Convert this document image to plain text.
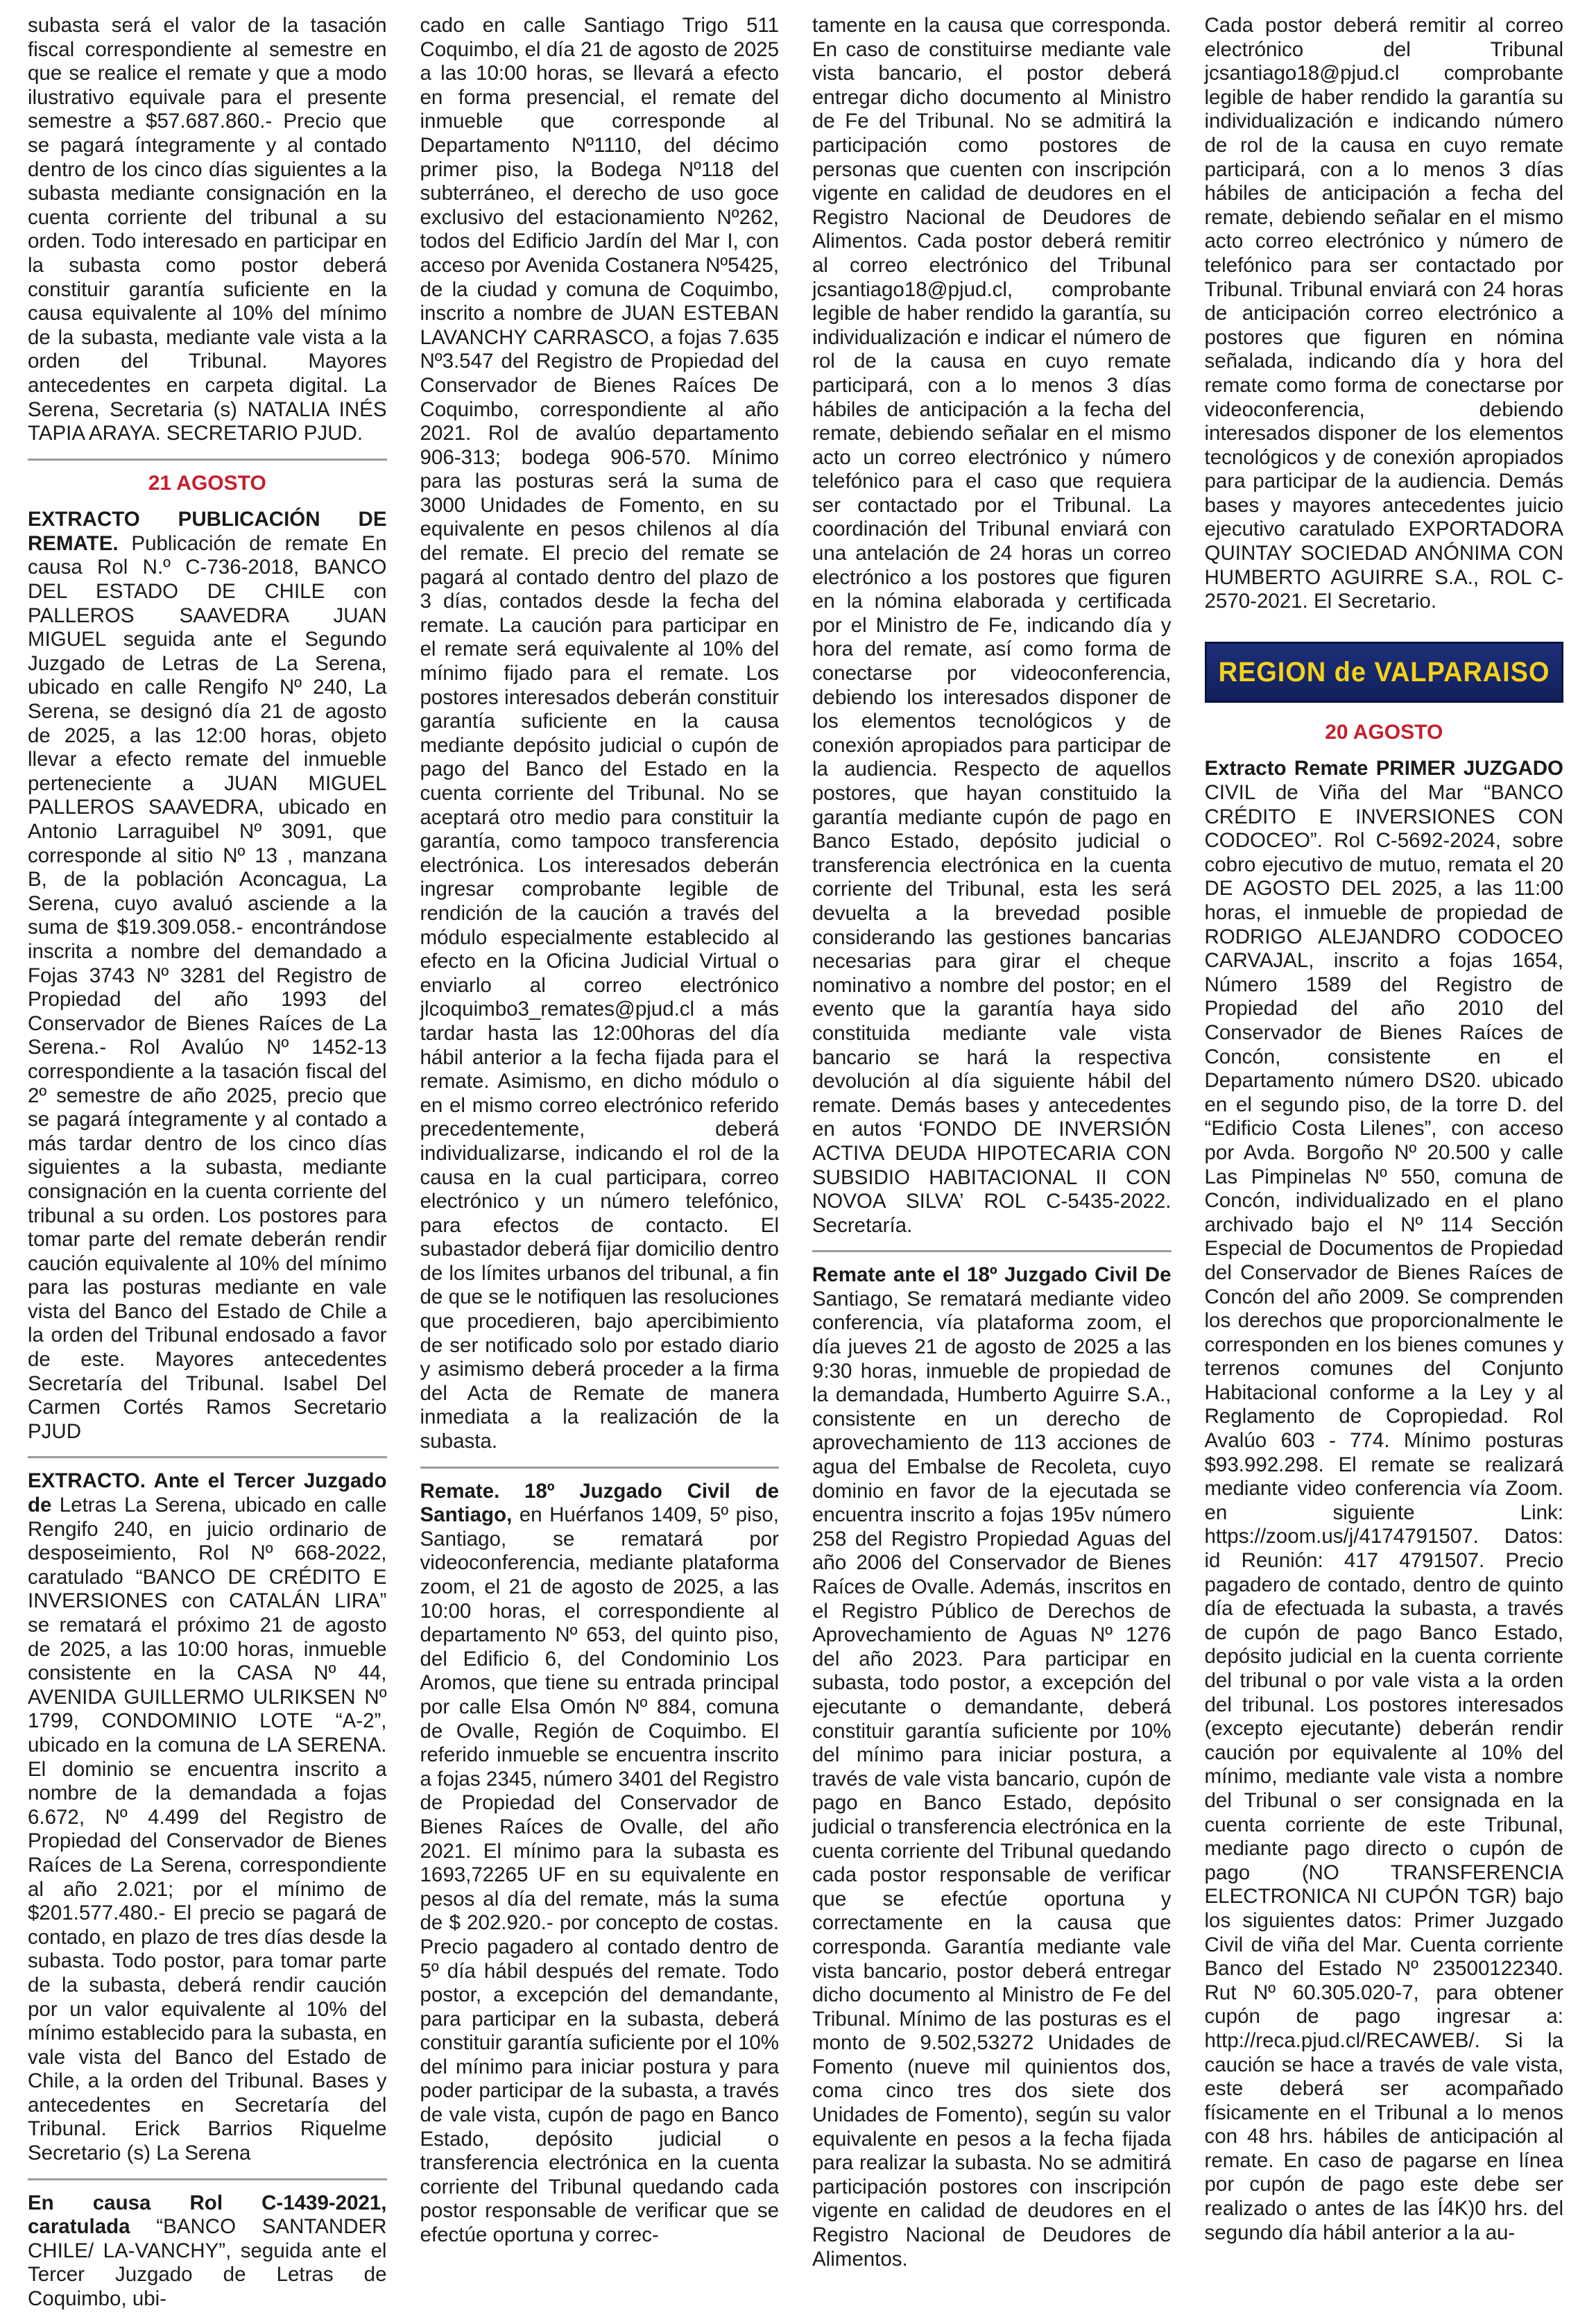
subasta será el valor de la tasación fiscal correspondiente al semestre en que se realice el remate y que a modo ilustrativo equivale para el presente semestre a $57.687.860.- Precio que se pagará íntegramente y al contado dentro de los cinco días siguientes a la subasta mediante consignación en la cuenta corriente del tribunal a su orden. Todo interesado en participar en la subasta como postor deberá constituir garantía suficiente en la causa equivalente al 10% del mínimo de la subasta, mediante vale vista a la orden del Tribunal. Mayores antecedentes en carpeta digital. La Serena, Secretaria (s) NATALIA INÉS TAPIA ARAYA. SECRETARIO PJUD.

21 AGOSTO

EXTRACTO PUBLICACIÓN DE REMATE. Publicación de remate En causa Rol N.º C-736-2018, BANCO DEL ESTADO DE CHILE con PALLEROS SAAVEDRA JUAN MIGUEL seguida ante el Segundo Juzgado de Letras de La Serena, ubicado en calle Rengifo Nº 240, La Serena, se designó día 21 de agosto de 2025, a las 12:00 horas, objeto llevar a efecto remate del inmueble perteneciente a JUAN MIGUEL PALLEROS SAAVEDRA, ubicado en Antonio Larraguibel Nº 3091, que corresponde al sitio Nº 13 , manzana B, de la población Aconcagua, La Serena, cuyo avaluó asciende a la suma de $19.309.058.- encontrándose inscrita a nombre del demandado a Fojas 3743 Nº 3281 del Registro de Propiedad del año 1993 del Conservador de Bienes Raíces de La Serena.- Rol Avalúo Nº 1452-13 correspondiente a la tasación fiscal del 2º semestre de año 2025, precio que se pagará íntegramente y al contado a más tardar dentro de los cinco días siguientes a la subasta, mediante consignación en la cuenta corriente del tribunal a su orden. Los postores para tomar parte del remate deberán rendir caución equivalente al 10% del mínimo para las posturas mediante en vale vista del Banco del Estado de Chile a la orden del Tribunal endosado a favor de este. Mayores antecedentes Secretaría del Tribunal. Isabel Del Carmen Cortés Ramos Secretario PJUD

EXTRACTO. Ante el Tercer Juzgado de Letras La Serena, ubicado en calle Rengifo 240, en juicio ordinario de desposeimiento, Rol Nº 668-2022, caratulado “BANCO DE CRÉDITO E INVERSIONES con CATALÁN LIRA” se rematará el próximo 21 de agosto de 2025, a las 10:00 horas, inmueble consistente en la CASA Nº 44, AVENIDA GUILLERMO ULRIKSEN Nº 1799, CONDOMINIO LOTE “A-2”, ubicado en la comuna de LA SERENA. El dominio se encuentra inscrito a nombre de la demandada a fojas 6.672, Nº 4.499 del Registro de Propiedad del Conservador de Bienes Raíces de La Serena, correspondiente al año 2.021; por el mínimo de $201.577.480.- El precio se pagará de contado, en plazo de tres días desde la subasta. Todo postor, para tomar parte de la subasta, deberá rendir caución por un valor equivalente al 10% del mínimo establecido para la subasta, en vale vista del Banco del Estado de Chile, a la orden del Tribunal. Bases y antecedentes en Secretaría del Tribunal. Erick Barrios Riquelme Secretario (s) La Serena

En causa Rol C-1439-2021, caratulada “BANCO SANTANDER CHILE/ LA-VANCHY”, seguida ante el Tercer Juzgado de Letras de Coquimbo, ubi-

cado en calle Santiago Trigo 511 Coquimbo, el día 21 de agosto de 2025 a las 10:00 horas, se llevará a efecto en forma presencial, el remate del inmueble que corresponde al Departamento Nº1110, del décimo primer piso, la Bodega Nº118 del subterráneo, el derecho de uso goce exclusivo del estacionamiento Nº262, todos del Edificio Jardín del Mar I, con acceso por Avenida Costanera Nº5425, de la ciudad y comuna de Coquimbo, inscrito a nombre de JUAN ESTEBAN LAVANCHY CARRASCO, a fojas 7.635 Nº3.547 del Registro de Propiedad del Conservador de Bienes Raíces De Coquimbo, correspondiente al año 2021. Rol de avalúo departamento 906-313; bodega 906-570. Mínimo para las posturas será la suma de 3000 Unidades de Fomento, en su equivalente en pesos chilenos al día del remate. El precio del remate se pagará al contado dentro del plazo de 3 días, contados desde la fecha del remate. La caución para participar en el remate será equivalente al 10% del mínimo fijado para el remate. Los postores interesados deberán constituir garantía suficiente en la causa mediante depósito judicial o cupón de pago del Banco del Estado en la cuenta corriente del Tribunal. No se aceptará otro medio para constituir la garantía, como tampoco transferencia electrónica. Los interesados deberán ingresar comprobante legible de rendición de la caución a través del módulo especialmente establecido al efecto en la Oficina Judicial Virtual o enviarlo al correo electrónico jlcoquimbo3_remates@pjud.cl a más tardar hasta las 12:00horas del día hábil anterior a la fecha fijada para el remate. Asimismo, en dicho módulo o en el mismo correo electrónico referido precedentemente, deberá individualizarse, indicando el rol de la causa en la cual participara, correo electrónico y un número telefónico, para efectos de contacto. El subastador deberá fijar domicilio dentro de los límites urbanos del tribunal, a fin de que se le notifiquen las resoluciones que procedieren, bajo apercibimiento de ser notificado solo por estado diario y asimismo deberá proceder a la firma del Acta de Remate de manera inmediata a la realización de la subasta.

Remate. 18º Juzgado Civil de Santiago, en Huérfanos 1409, 5º piso, Santiago, se rematará por videoconferencia, mediante plataforma zoom, el 21 de agosto de 2025, a las 10:00 horas, el correspondiente al departamento Nº 653, del quinto piso, del Edificio 6, del Condominio Los Aromos, que tiene su entrada principal por calle Elsa Omón Nº 884, comuna de Ovalle, Región de Coquimbo. El referido inmueble se encuentra inscrito a fojas 2345, número 3401 del Registro de Propiedad del Conservador de Bienes Raíces de Ovalle, del año 2021. El mínimo para la subasta es 1693,72265 UF en su equivalente en pesos al día del remate, más la suma de $ 202.920.- por concepto de costas. Precio pagadero al contado dentro de 5º día hábil después del remate. Todo postor, a excepción del demandante, para participar en la subasta, deberá constituir garantía suficiente por el 10% del mínimo para iniciar postura y para poder participar de la subasta, a través de vale vista, cupón de pago en Banco Estado, depósito judicial o transferencia electrónica en la cuenta corriente del Tribunal quedando cada postor responsable de verificar que se efectúe oportuna y correc-

tamente en la causa que corresponda. En caso de constituirse mediante vale vista bancario, el postor deberá entregar dicho documento al Ministro de Fe del Tribunal. No se admitirá la participación como postores de personas que cuenten con inscripción vigente en calidad de deudores en el Registro Nacional de Deudores de Alimentos. Cada postor deberá remitir al correo electrónico del Tribunal jcsantiago18@pjud.cl, comprobante legible de haber rendido la garantía, su individualización e indicar el número de rol de la causa en cuyo remate participará, con a lo menos 3 días hábiles de anticipación a la fecha del remate, debiendo señalar en el mismo acto un correo electrónico y número telefónico para el caso que requiera ser contactado por el Tribunal. La coordinación del Tribunal enviará con una antelación de 24 horas un correo electrónico a los postores que figuren en la nómina elaborada y certificada por el Ministro de Fe, indicando día y hora del remate, así como forma de conectarse por videoconferencia, debiendo los interesados disponer de los elementos tecnológicos y de conexión apropiados para participar de la audiencia. Respecto de aquellos postores, que hayan constituido la garantía mediante cupón de pago en Banco Estado, depósito judicial o transferencia electrónica en la cuenta corriente del Tribunal, esta les será devuelta a la brevedad posible considerando las gestiones bancarias necesarias para girar el cheque nominativo a nombre del postor; en el evento que la garantía haya sido constituida mediante vale vista bancario se hará la respectiva devolución al día siguiente hábil del remate. Demás bases y antecedentes en autos ‘FONDO DE INVERSIÓN ACTIVA DEUDA HIPOTECARIA CON SUBSIDIO HABITACIONAL II CON NOVOA SILVA’ ROL C-5435-2022. Secretaría.

Remate ante el 18º Juzgado Civil De Santiago, Se rematará mediante video conferencia, vía plataforma zoom, el día jueves 21 de agosto de 2025 a las 9:30 horas, inmueble de propiedad de la demandada, Humberto Aguirre S.A., consistente en un derecho de aprovechamiento de 113 acciones de agua del Embalse de Recoleta, cuyo dominio en favor de la ejecutada se encuentra inscrito a fojas 195v número 258 del Registro Propiedad Aguas del año 2006 del Conservador de Bienes Raíces de Ovalle. Además, inscritos en el Registro Público de Derechos de Aprovechamiento de Aguas Nº 1276 del año 2023. Para participar en subasta, todo postor, a excepción del ejecutante o demandante, deberá constituir garantía suficiente por 10% del mínimo para iniciar postura, a través de vale vista bancario, cupón de pago en Banco Estado, depósito judicial o transferencia electrónica en la cuenta corriente del Tribunal quedando cada postor responsable de verificar que se efectúe oportuna y correctamente en la causa que corresponda. Garantía mediante vale vista bancario, postor deberá entregar dicho documento al Ministro de Fe del Tribunal. Mínimo de las posturas es el monto de 9.502,53272 Unidades de Fomento (nueve mil quinientos dos, coma cinco tres dos siete dos Unidades de Fomento), según su valor equivalente en pesos a la fecha fijada para realizar la subasta. No se admitirá participación postores con inscripción vigente en calidad de deudores en el Registro Nacional de Deudores de Alimentos.

Cada postor deberá remitir al correo electrónico del Tribunal jcsantiago18@pjud.cl comprobante legible de haber rendido la garantía su individualización e indicando número de rol de la causa en cuyo remate participará, con a lo menos 3 días hábiles de anticipación a fecha del remate, debiendo señalar en el mismo acto correo electrónico y número de telefónico para ser contactado por Tribunal. Tribunal enviará con 24 horas de anticipación correo electrónico a postores que figuren en nómina señalada, indicando día y hora del remate como forma de conectarse por videoconferencia, debiendo interesados disponer de los elementos tecnológicos y de conexión apropiados para participar de la audiencia. Demás bases y mayores antecedentes juicio ejecutivo caratulado EXPORTADORA QUINTAY SOCIEDAD ANÓNIMA CON HUMBERTO AGUIRRE S.A., ROL C-2570-2021. El Secretario.

REGION de VALPARAISO
20 AGOSTO

Extracto Remate PRIMER JUZGADO CIVIL de Viña del Mar “BANCO CRÉDITO E INVERSIONES CON CODOCEO”. Rol C-5692-2024, sobre cobro ejecutivo de mutuo, remata el 20 DE AGOSTO DEL 2025, a las 11:00 horas, el inmueble de propiedad de RODRIGO ALEJANDRO CODOCEO CARVAJAL, inscrito a fojas 1654, Número 1589 del Registro de Propiedad del año 2010 del Conservador de Bienes Raíces de Concón, consistente en el Departamento número DS20. ubicado en el segundo piso, de la torre D. del “Edificio Costa Lilenes”, con acceso por Avda. Borgoño Nº 20.500 y calle Las Pimpinelas Nº 550, comuna de Concón, individualizado en el plano archivado bajo el Nº 114 Sección Especial de Documentos de Propiedad del Conservador de Bienes Raíces de Concón del año 2009. Se comprenden los derechos que proporcionalmente le corresponden en los bienes comunes y terrenos comunes del Conjunto Habitacional conforme a la Ley y al Reglamento de Copropiedad. Rol Avalúo 603 - 774. Mínimo posturas $93.992.298. El remate se realizará mediante video conferencia vía Zoom. en siguiente Link: https://zoom.us/j/4174791507. Datos: id Reunión: 417 4791507. Precio pagadero de contado, dentro de quinto día de efectuada la subasta, a través de cupón de pago Banco Estado, depósito judicial en la cuenta corriente del tribunal o por vale vista a la orden del tribunal. Los postores interesados (excepto ejecutante) deberán rendir caución por equivalente al 10% del mínimo, mediante vale vista a nombre del Tribunal o ser consignada en la cuenta corriente de este Tribunal, mediante pago directo o cupón de pago (NO TRANSFERENCIA ELECTRONICA NI CUPÓN TGR) bajo los siguientes datos: Primer Juzgado Civil de viña del Mar. Cuenta corriente Banco del Estado Nº 23500122340. Rut Nº 60.305.020-7, para obtener cupón de pago ingresar a: http://reca.pjud.cl/RECAWEB/. Si la caución se hace a través de vale vista, este deberá ser acompañado físicamente en el Tribunal a lo menos con 48 hrs. hábiles de anticipación al remate. En caso de pagarse en línea por cupón de pago este debe ser realizado o antes de las Í4K)0 hrs. del segundo día hábil anterior a la au-
